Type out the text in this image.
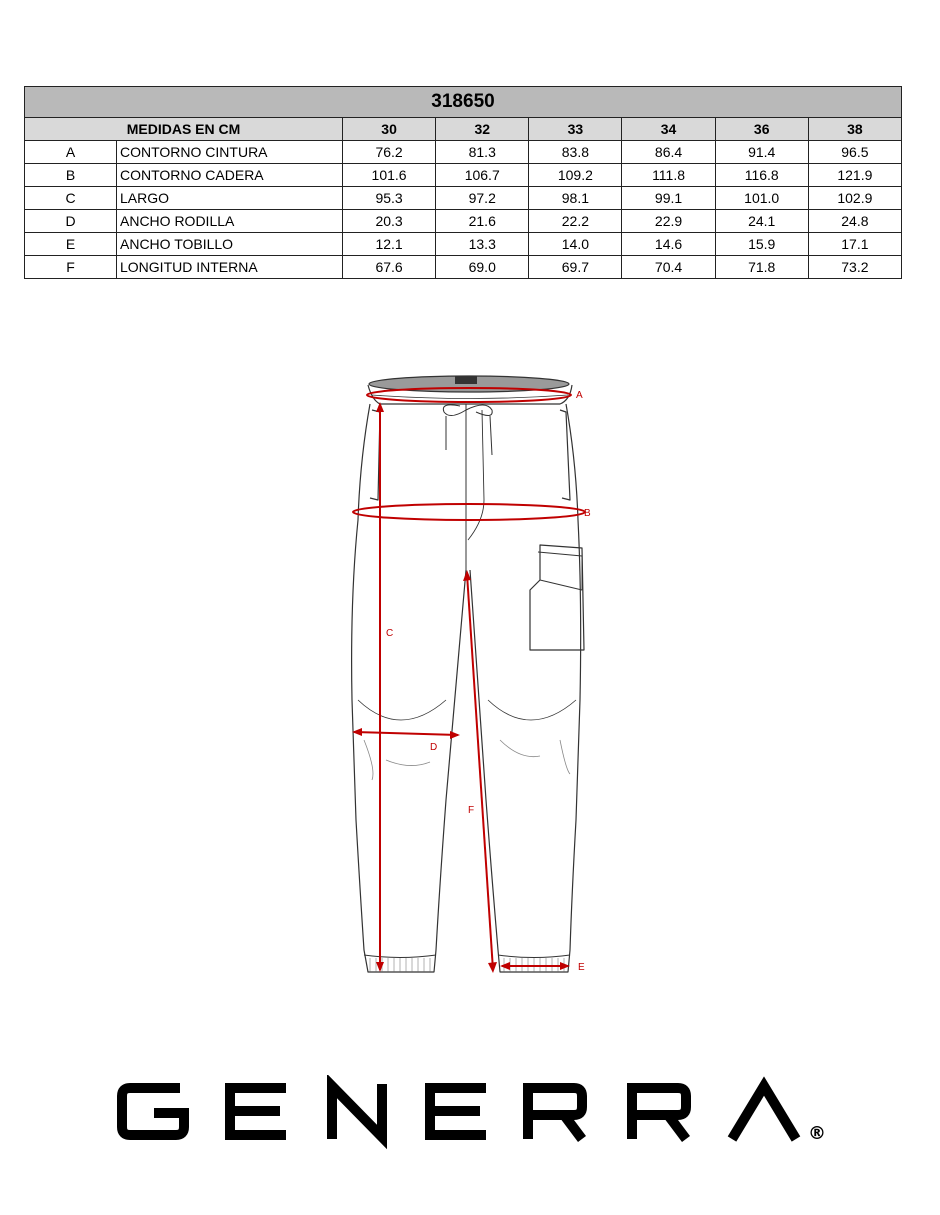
318650							
MEDIDAS EN CM		30	32	33	34	36	38
A	CONTORNO CINTURA	76.2	81.3	83.8	86.4	91.4	96.5
B	CONTORNO CADERA	101.6	106.7	109.2	111.8	116.8	121.9
C	LARGO	95.3	97.2	98.1	99.1	101.0	102.9
D	ANCHO RODILLA	20.3	21.6	22.2	22.9	24.1	24.8
E	ANCHO TOBILLO	12.1	13.3	14.0	14.6	15.9	17.1
F	LONGITUD INTERNA	67.6	69.0	69.7	70.4	71.8	73.2
A
B
C
D
E
F
®
